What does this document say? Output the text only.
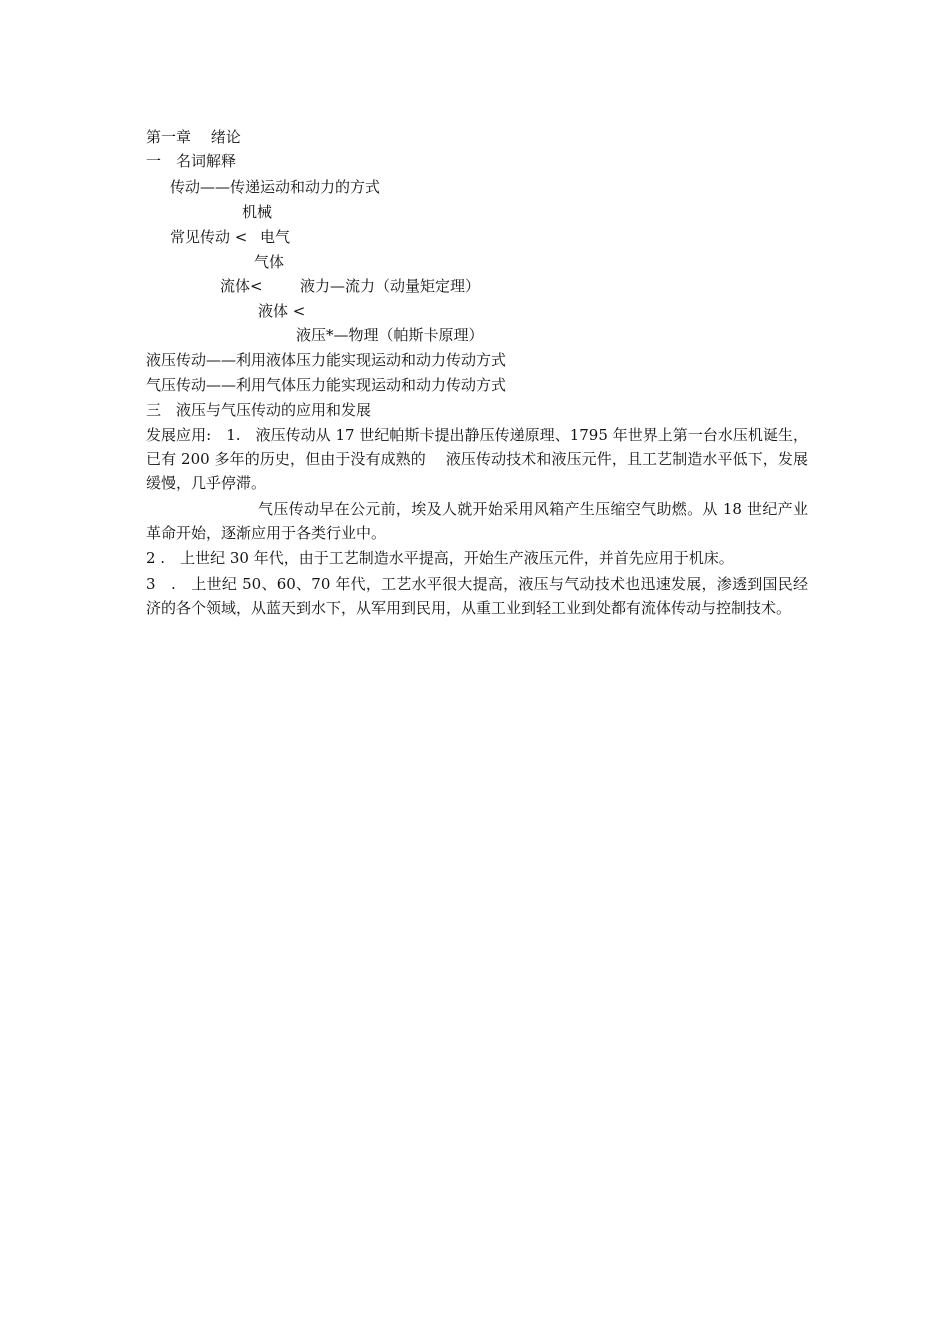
第一章　 绪论
一　名词解释
传动——传递运动和动力的方式
机械
常见传动 < 电气
气体
流体< 液力—流力（动量矩定理）
液体 <
液压*—物理（帕斯卡原理）
液压传动——利用液体压力能实现运动和动力传动方式
气压传动——利用气体压力能实现运动和动力传动方式
三　液压与气压传动的应用和发展
发展应用:　1.　液压传动从 17 世纪帕斯卡提出静压传递原理、1795 年世界上第一台水压机诞生，已有 200 多年的历史，但由于没有成熟的　 液压传动技术和液压元件，且工艺制造水平低下，发展缓慢，几乎停滞。
气压传动早在公元前，埃及人就开始采用风箱产生压缩空气助燃。从 18 世纪产业革命开始，逐渐应用于各类行业中。
2 .　上世纪 30 年代，由于工艺制造水平提高，开始生产液压元件，并首先应用于机床。
3　.　上世纪 50、60、70 年代，工艺水平很大提高，液压与气动技术也迅速发展，渗透到国民经济的各个领域，从蓝天到水下，从军用到民用，从重工业到轻工业到处都有流体传动与控制技术。
